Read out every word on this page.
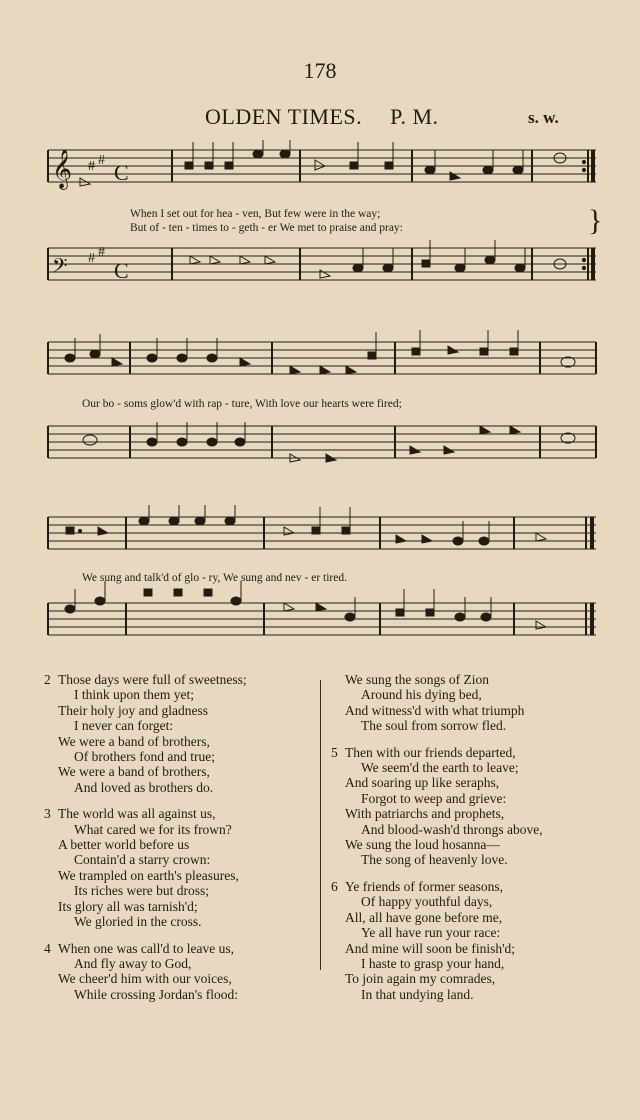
178
OLDEN TIMES. P. M.	s. w.
𝄞 # # C
𝄢 # #
C
When I set out for hea - ven, But few were in the way;
But of - ten - times to - geth - er We met to praise and pray:	}
Our bo - soms glow'd with rap - ture, With love our hearts were fired;
We sung and talk'd of glo - ry, We sung and nev - er tired.
2 Those days were full of sweetness;
I think upon them yet;
Their holy joy and gladness
I never can forget:
We were a band of brothers,
Of brothers fond and true;
We were a band of brothers,
And loved as brothers do.
3 The world was all against us,
What cared we for its frown?
A better world before us
Contain'd a starry crown:
We trampled on earth's pleasures,
Its riches were but dross;
Its glory all was tarnish'd;
We gloried in the cross.
4 When one was call'd to leave us,
And fly away to God,
We cheer'd him with our voices,
While crossing Jordan's flood:
We sung the songs of Zion
Around his dying bed,
And witness'd with what triumph
The soul from sorrow fled.
5 Then with our friends departed,
We seem'd the earth to leave;
And soaring up like seraphs,
Forgot to weep and grieve:
With patriarchs and prophets,
And blood-wash'd throngs above,
We sung the loud hosanna—
The song of heavenly love.
6 Ye friends of former seasons,
Of happy youthful days,
All, all have gone before me,
Ye all have run your race:
And mine will soon be finish'd;
I haste to grasp your hand,
To join again my comrades,
In that undying land.
